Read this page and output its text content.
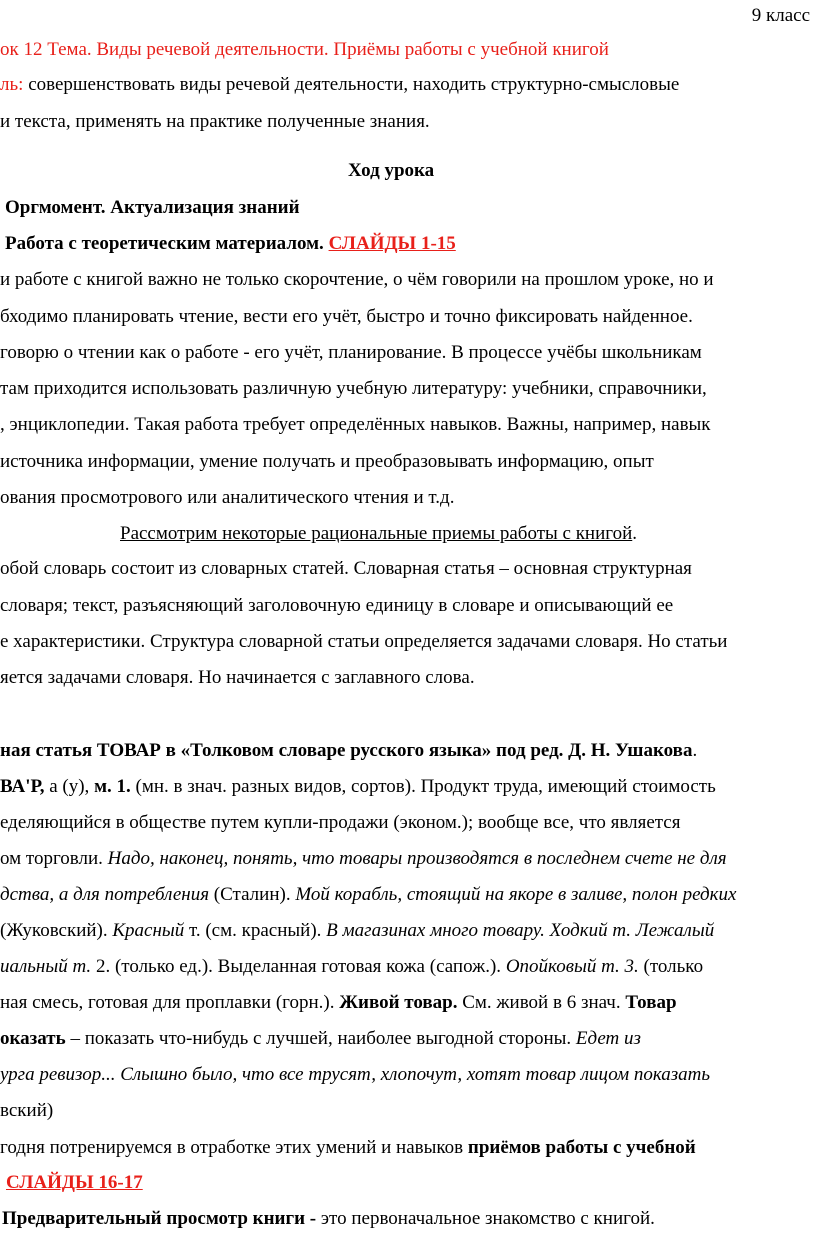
9 класс
ок 12 Тема. Виды речевой деятельности. Приёмы работы с учебной книгой
ль: совершенствовать виды речевой деятельности, находить структурно-смысловые
и текста, применять на практике полученные знания.
Ход урока
Оргмомент. Актуализация знаний
Работа с теоретическим материалом. СЛАЙДЫ 1-15
и работе с книгой важно не только скорочтение, о чём говорили на прошлом уроке, но и
бходимо планировать чтение, вести его учёт, быстро и точно фиксировать найденное.
говорю о чтении как о работе - его учёт, планирование. В процессе учёбы школьникам
там приходится использовать различную учебную литературу: учебники, справочники,
, энциклопедии. Такая работа требует определённых навыков. Важны, например, навык
источника информации, умение получать и преобразовывать информацию, опыт
ования просмотрового или аналитического чтения и т.д.
Рассмотрим некоторые рациональные приемы работы с книгой.
обой словарь состоит из словарных статей. Словарная статья – основная структурная
словаря; текст, разъясняющий заголовочную единицу в словаре и описывающий ее
е характеристики. Структура словарной статьи определяется задачами словаря. Но статьи
яется задачами словаря. Но начинается с заглавного слова.
ная статья ТОВАР в «Толковом словаре русского языка» под ред. Д. Н. Ушакова.
ВА'Р, а (у), м. 1. (мн. в знач. разных видов, сортов). Продукт труда, имеющий стоимость
еделяющийся в обществе путем купли-продажи (эконом.); вообще все, что является
ом торговли. Надо, наконец, понять, что товары производятся в последнем счете не для
дства, а для потребления (Сталин). Мой корабль, стоящий на якоре в заливе, полон редких
(Жуковский). Красный т. (см. красный). В магазинах много товару. Ходкий т. Лежалый
иальный т. 2. (только ед.). Выделанная готовая кожа (сапож.). Опойковый т. 3. (только
ная смесь, готовая для проплавки (горн.). Живой товар. См. живой в 6 знач. Товар
оказать – показать что-нибудь с лучшей, наиболее выгодной стороны. Едет из
урга ревизор... Слышно было, что все трусят, хлопочут, хотят товар лицом показать
вский)
годня потренируемся в отработке этих умений и навыков приёмов работы с учебной
СЛАЙДЫ 16-17
Предварительный просмотр книги - это первоначальное знакомство с книгой.
